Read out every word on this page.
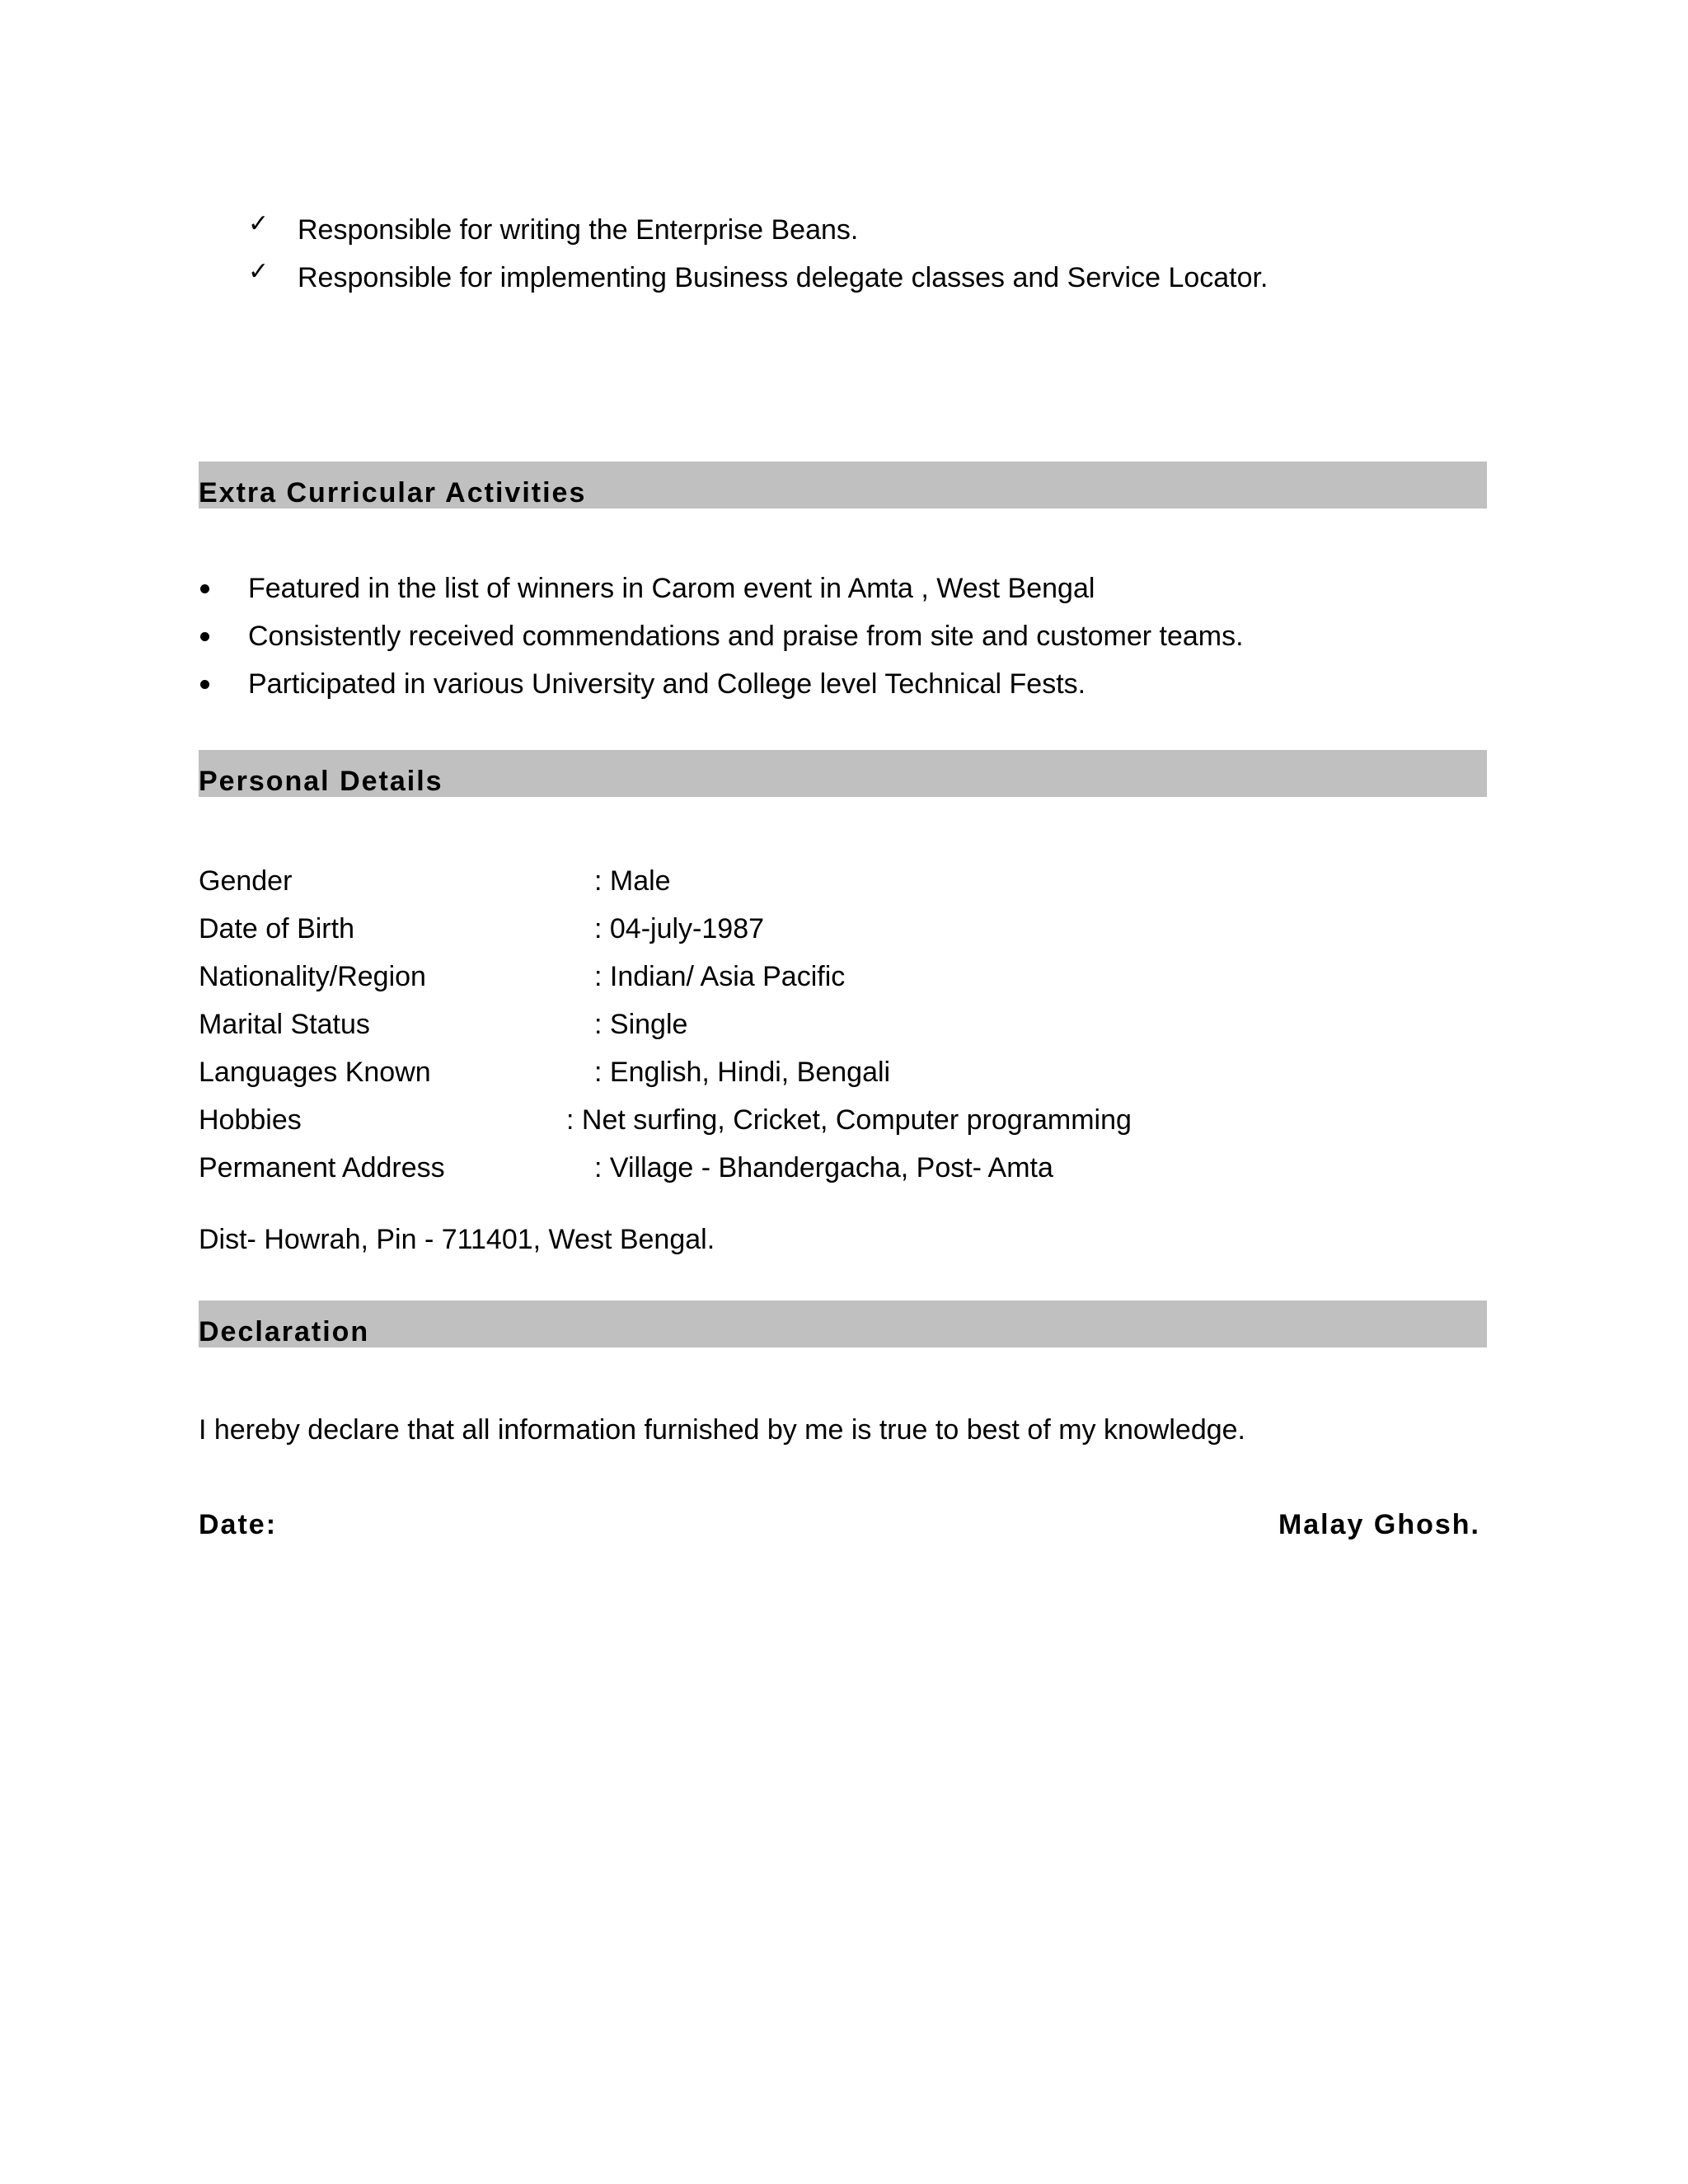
✓ Responsible for writing the Enterprise Beans.
✓ Responsible for implementing Business delegate classes and Service Locator.
Extra Curricular Activities
Featured in the list of winners in Carom event in Amta , West Bengal
Consistently received commendations and praise from site and customer teams.
Participated in various University and College level Technical Fests.
Personal Details
Gender	: Male
Date of Birth	: 04-july-1987
Nationality/Region	: Indian/ Asia Pacific
Marital Status	: Single
Languages Known	: English, Hindi, Bengali
Hobbies	: Net surfing, Cricket, Computer programming
Permanent Address	: Village - Bhandergacha, Post- Amta
Dist- Howrah, Pin - 711401, West Bengal.
Declaration
I hereby declare that all information furnished by me is true to best of my knowledge.
Date:	Malay Ghosh.
